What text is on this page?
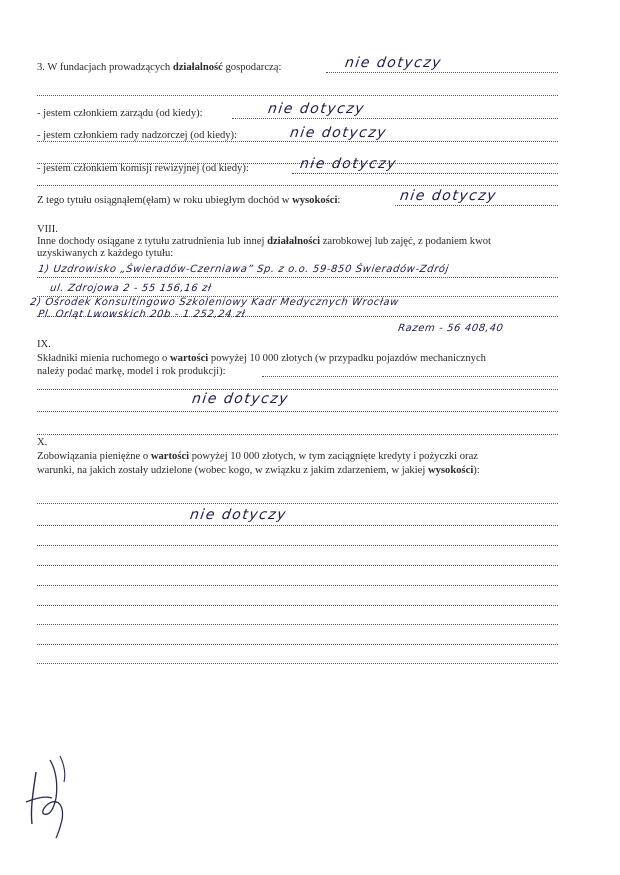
3. W fundacjach prowadzących działalność gospodarczą:	nie dotyczy
- jestem członkiem zarządu (od kiedy):	nie dotyczy
- jestem członkiem rady nadzorczej (od kiedy):	nie dotyczy
- jestem członkiem komisji rewizyjnej (od kiedy):	nie dotyczy
Z tego tytułu osiągnąłem(ęłam) w roku ubiegłym dochód w wysokości:	nie dotyczy
VIII.
Inne dochody osiągane z tytułu zatrudnienia lub innej działalności zarobkowej lub zajęć, z podaniem kwot
uzyskiwanych z każdego tytułu:
1) Uzdrowisko „Świeradów-Czerniawa” Sp. z o.o. 59-850 Świeradów-Zdrój
ul. Zdrojowa 2 - 55 156,16 zł
2) Ośrodek Konsultingowo Szkoleniowy Kadr Medycznych Wrocław
Pl. Orląt Lwowskich 20b - 1 252,24 zł
Razem - 56 408,40
IX.
Składniki mienia ruchomego o wartości powyżej 10 000 złotych (w przypadku pojazdów mechanicznych
należy podać markę, model i rok produkcji):
nie dotyczy
X.
Zobowiązania pieniężne o wartości powyżej 10 000 złotych, w tym zaciągnięte kredyty i pożyczki oraz
warunki, na jakich zostały udzielone (wobec kogo, w związku z jakim zdarzeniem, w jakiej wysokości):
nie dotyczy
